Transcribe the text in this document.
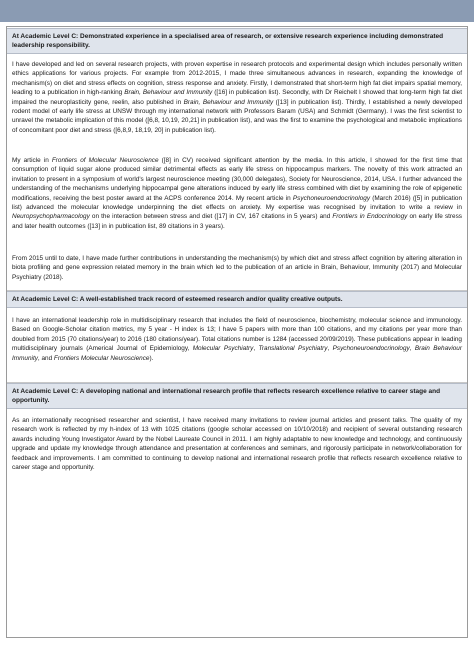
At Academic Level C: Demonstrated experience in a specialised area of research, or extensive research experience including demonstrated leadership responsibility.

I have developed and led on several research projects, with proven expertise in research protocols and experimental design which includes personally written ethics applications for various projects. For example from 2012-2015, I made three simultaneous advances in research, expanding the knowledge of mechanism(s) on diet and stress effects on cognition, stress response and anxiety. Firstly, I demonstrated that short-term high fat diet impairs spatial memory, leading to a publication in high-ranking Brain, Behaviour and Immunity ([16] in publication list). Secondly, with Dr Reichelt I showed that long-term high fat diet impaired the neuroplasticity gene, reelin, also published in Brain, Behaviour and Immunity ([13] in publication list). Thirdly, I established a newly developed rodent model of early life stress at UNSW through my international network with Professors Baram (USA) and Schmidt (Germany). I was the first scientist to unravel the metabolic implication of this model ([6,8, 10,19, 20,21] in publication list), and was the first to examine the psychological and metabolic implications of concomitant poor diet and stress ([6,8,9, 18,19, 20] in publication list).

My article in Frontiers of Molecular Neuroscience ([8] in CV) received significant attention by the media. In this article, I showed for the first time that consumption of liquid sugar alone produced similar detrimental effects as early life stress on hippocampus markers. The novelty of this work attracted an invitation to present in a symposium of world's largest neuroscience meeting (30,000 delegates), Society for Neuroscience, 2014, USA. I further advanced the understanding of the mechanisms underlying hippocampal gene alterations induced by early life stress combined with diet by examining the role of epigenetic modifications, receiving the best poster award at the ACPS conference 2014. My recent article in Psychoneuroendocrinology (March 2016) ([5] in publication list) advanced the molecular knowledge underpinning the diet effects on anxiety. My expertise was recognised by invitation to write a review in Neuropsychopharmacology on the interaction between stress and diet ([17] in CV, 167 citations in 5 years) and Frontiers in Endocrinology on early life stress and later health outcomes ([13] in in publication list, 89 citations in 3 years).

From 2015 until to date, I have made further contributions in understanding the mechanism(s) by which diet and stress affect cognition by altering alteration in biota profiling and gene expression related memory in the brain which led to the publication of an article in Brain, Behaviour, Immunity (2017) and Molecular Psychiatry (2018).

At Academic Level C: A well-established track record of esteemed research and/or quality creative outputs.

I have an international leadership role in multidisciplinary research that includes the field of neuroscience, biochemistry, molecular science and immunology. Based on Google-Scholar citation metrics, my 5 year - H index is 13; I have 5 papers with more than 100 citations, and my citations per year more than doubled from 2015 (70 citations/year) to 2016 (180 citations/year). Total citations number is 1284 (accessed 20/09/2019). These publications appear in leading multidisciplinary journals (Americal Journal of Epidemiology, Molecular Psychiatry, Translational Psychiatry, Psychoneuroendocrinology, Brain Behaviour Immunity, and Frontiers Molecular Neuroscience).

At Academic Level C: A developing national and international research profile that reflects research excellence relative to career stage and opportunity.

As an internationally recognised researcher and scientist, I have received many invitations to review journal articles and present talks. The quality of my research work is reflected by my h-index of 13 with 1025 citations (google scholar accessed on 10/10/2018) and recipient of several outstanding research awards including Young Investigator Award by the Nobel Laureate Council in 2011. I am highly adaptable to new knowledge and technology, and continuously upgrade and update my knowledge through attendance and presentation at conferences and seminars, and rigorously participate in network/collaboration for feedback and improvements. I am committed to continuing to develop national and international research profile that reflects research excellence relative to career stage and opportunity.
